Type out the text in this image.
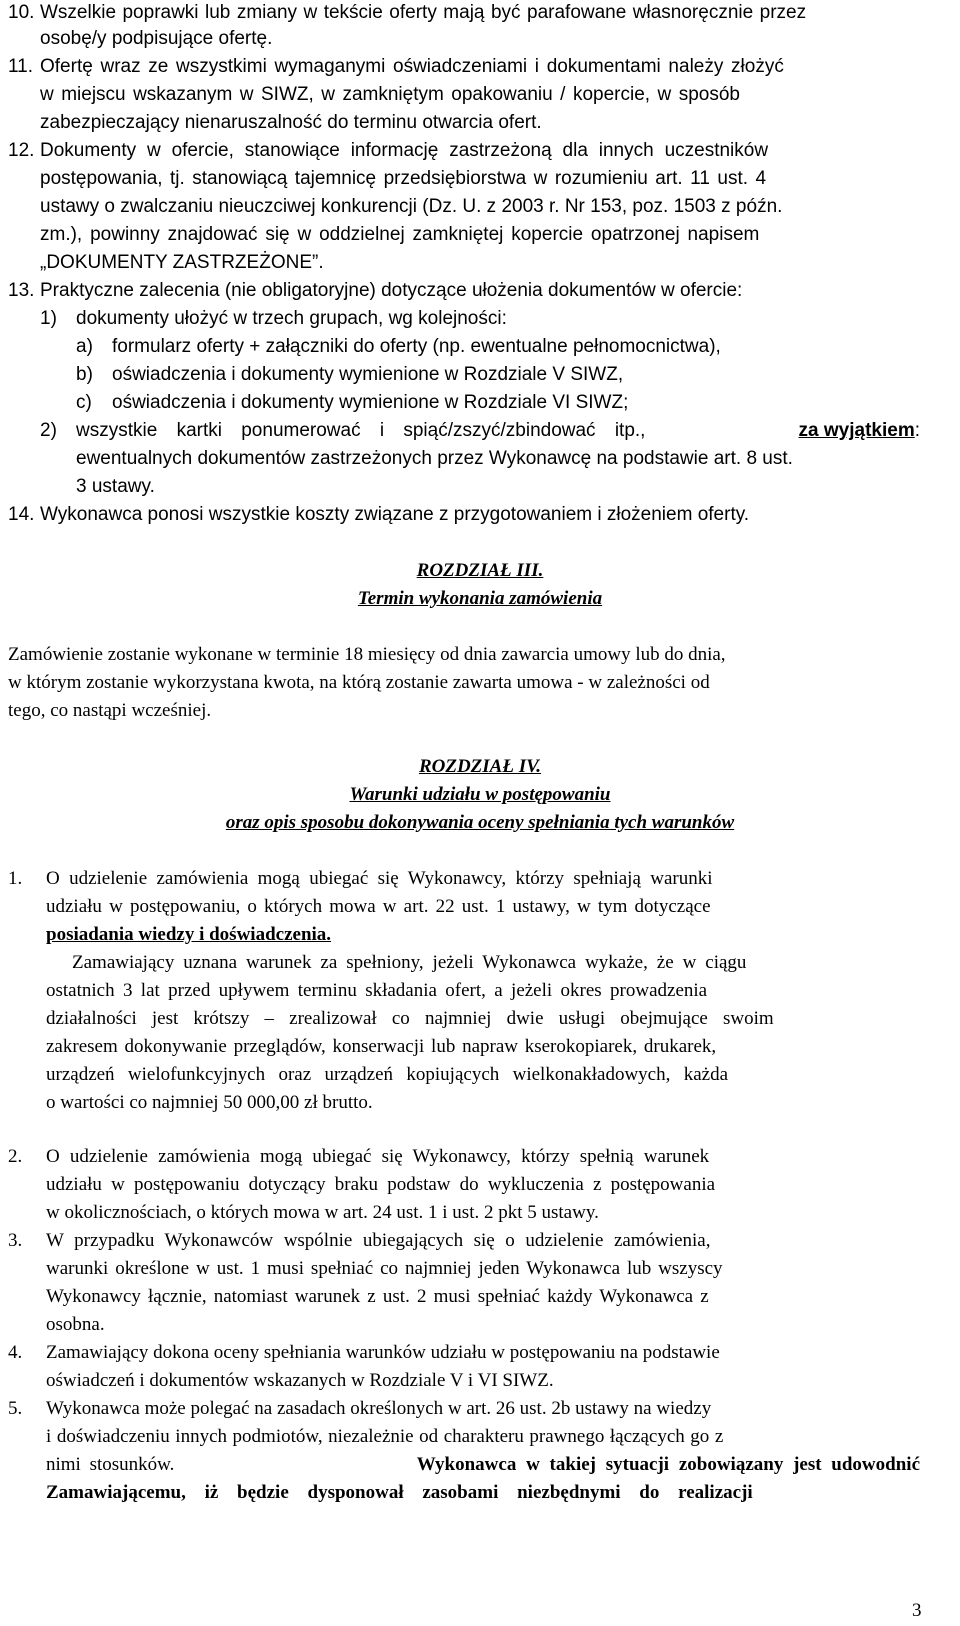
10. Wszelkie poprawki lub zmiany w tekście oferty mają być parafowane własnoręcznie przez
osobę/y podpisujące ofertę.
11. Ofertę wraz ze wszystkimi wymaganymi oświadczeniami i dokumentami należy złożyć
w miejscu wskazanym w SIWZ, w zamkniętym opakowaniu / kopercie, w sposób
zabezpieczający nienaruszalność do terminu otwarcia ofert.
12. Dokumenty w ofercie, stanowiące informację zastrzeżoną dla innych uczestników
postępowania, tj. stanowiącą tajemnicę przedsiębiorstwa w rozumieniu art. 11 ust. 4
ustawy o zwalczaniu nieuczciwej konkurencji (Dz. U. z 2003 r. Nr 153, poz. 1503 z późn.
zm.), powinny znajdować się w oddzielnej zamkniętej kopercie opatrzonej napisem
„DOKUMENTY ZASTRZEŻONE”.
13. Praktyczne zalecenia (nie obligatoryjne) dotyczące ułożenia dokumentów w ofercie:
1) dokumenty ułożyć w trzech grupach, wg kolejności:
a) formularz oferty + załączniki do oferty (np. ewentualne pełnomocnictwa),
b) oświadczenia i dokumenty wymienione w Rozdziale V SIWZ,
c) oświadczenia i dokumenty wymienione w Rozdziale VI SIWZ;
2) wszystkie kartki ponumerować i spiąć/zszyć/zbindować itp.,	za wyjątkiem:
ewentualnych dokumentów zastrzeżonych przez Wykonawcę na podstawie art. 8 ust.
3 ustawy.
14. Wykonawca ponosi wszystkie koszty związane z przygotowaniem i złożeniem oferty.
ROZDZIAŁ III.
Termin wykonania zamówienia
Zamówienie zostanie wykonane w terminie 18 miesięcy od dnia zawarcia umowy lub do dnia,
w którym zostanie wykorzystana kwota, na którą zostanie zawarta umowa - w zależności od
tego, co nastąpi wcześniej.
ROZDZIAŁ IV.
Warunki udziału w postępowaniu
oraz opis sposobu dokonywania oceny spełniania tych warunków
1. O udzielenie zamówienia mogą ubiegać się Wykonawcy, którzy spełniają warunki
udziału w postępowaniu, o których mowa w art. 22 ust. 1 ustawy, w tym dotyczące
posiadania wiedzy i doświadczenia.
Zamawiający uznana warunek za spełniony, jeżeli Wykonawca wykaże, że w ciągu
ostatnich 3 lat przed upływem terminu składania ofert, a jeżeli okres prowadzenia
działalności jest krótszy – zrealizował co najmniej dwie usługi obejmujące swoim
zakresem dokonywanie przeglądów, konserwacji lub napraw kserokopiarek, drukarek,
urządzeń wielofunkcyjnych oraz urządzeń kopiujących wielkonakładowych, każda
o wartości co najmniej 50 000,00 zł brutto.
2. O udzielenie zamówienia mogą ubiegać się Wykonawcy, którzy spełnią warunek
udziału w postępowaniu dotyczący braku podstaw do wykluczenia z postępowania
w okolicznościach, o których mowa w art. 24 ust. 1 i ust. 2 pkt 5 ustawy.
3. W przypadku Wykonawców wspólnie ubiegających się o udzielenie zamówienia,
warunki określone w ust. 1 musi spełniać co najmniej jeden Wykonawca lub wszyscy
Wykonawcy łącznie, natomiast warunek z ust. 2 musi spełniać każdy Wykonawca z
osobna.
4. Zamawiający dokona oceny spełniania warunków udziału w postępowaniu na podstawie
oświadczeń i dokumentów wskazanych w Rozdziale V i VI SIWZ.
5. Wykonawca może polegać na zasadach określonych w art. 26 ust. 2b ustawy na wiedzy
i doświadczeniu innych podmiotów, niezależnie od charakteru prawnego łączących go z
nimi stosunków.	Wykonawca w takiej sytuacji zobowiązany jest udowodnić
Zamawiającemu, iż będzie dysponował zasobami niezbędnymi do realizacji
3
